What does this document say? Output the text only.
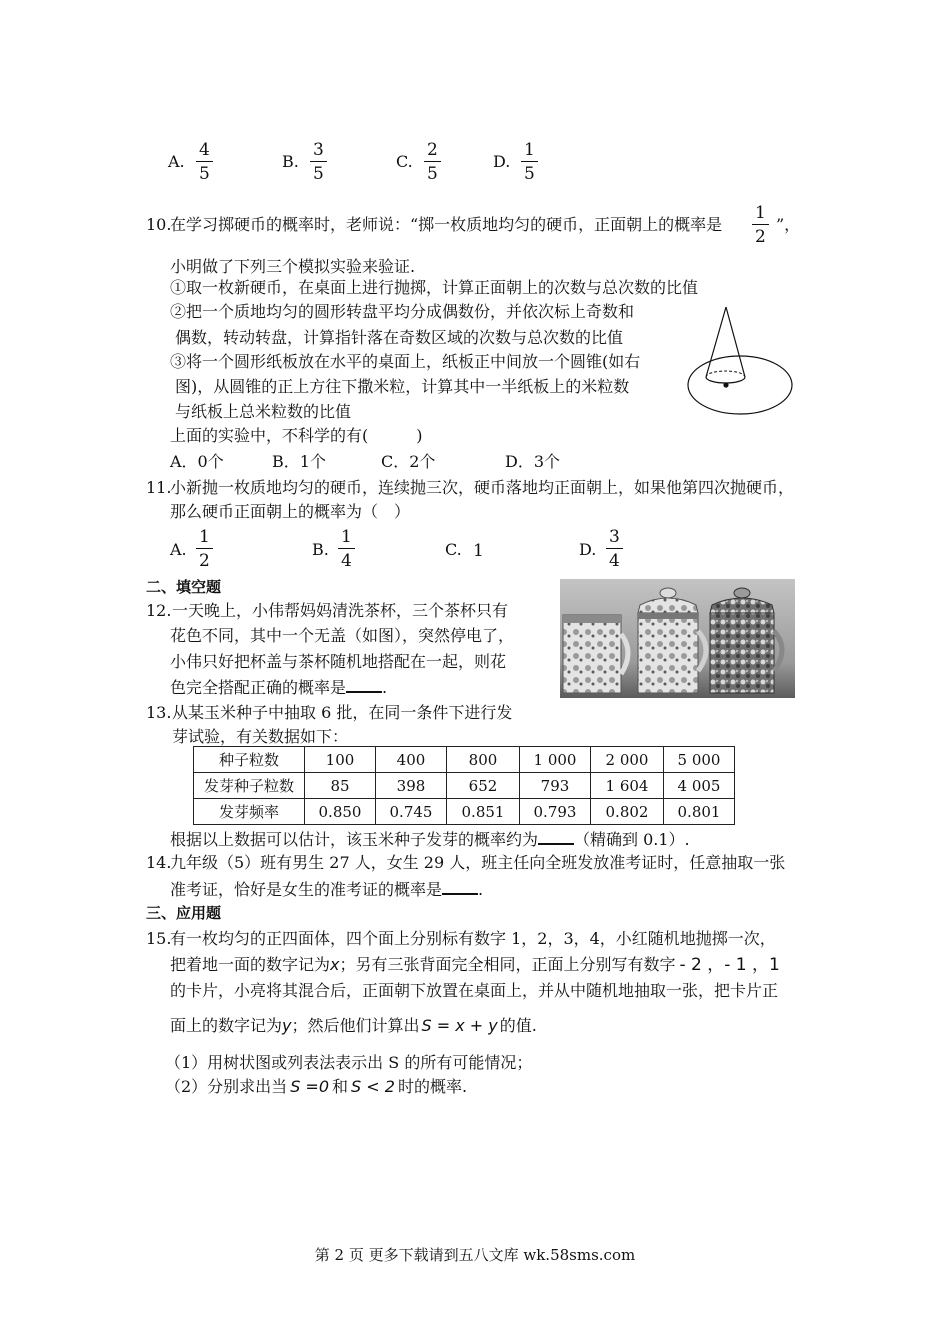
A. $\frac{4}{5}$	B. $\frac{3}{5}$	C. $\frac{2}{5}$	D. $\frac{1}{5}$
10.
在学习掷硬币的概率时，老师说：“掷一枚质地均匀的硬币，正面朝上的概率是 $\frac{1}{2}$ ”，
小明做了下列三个模拟实验来验证.
①取一枚新硬币，在桌面上进行抛掷，计算正面朝上的次数与总次数的比值
②把一个质地均匀的圆形转盘平均分成偶数份，并依次标上奇数和
偶数，转动转盘，计算指针落在奇数区域的次数与总次数的比值
③将一个圆形纸板放在水平的桌面上，纸板正中间放一个圆锥(如右
图)，从圆锥的正上方往下撒米粒，计算其中一半纸板上的米粒数
与纸板上总米粒数的比值
上面的实验中，不科学的有(　　　)
A．0个	B．1个	C．2个	D．3个
11.
小新抛一枚质地均匀的硬币，连续抛三次，硬币落地均正面朝上，如果他第四次抛硬币，
那么硬币正面朝上的概率为（　）
A. $\frac{1}{2}$	B. $\frac{1}{4}$	C. 1	D. $\frac{3}{4}$
二、填空题
12. 一天晚上，小伟帮妈妈清洗茶杯，三个茶杯只有
花色不同，其中一个无盖（如图），突然停电了，
小伟只好把杯盖与茶杯随机地搭配在一起，则花
色完全搭配正确的概率是 .
13. 从某玉米种子中抽取 6 批，在同一条件下进行发
芽试验，有关数据如下：
种子粒数	100	400	800	1 000	2 000	5 000
发芽种子粒数	85	398	652	793	1 604	4 005
发芽频率	0.850	0.745	0.851	0.793	0.802	0.801
根据以上数据可以估计，该玉米种子发芽的概率约为 （精确到 0.1）.
14.
九年级（5）班有男生 27 人，女生 29 人，班主任向全班发放准考证时，任意抽取一张
准考证，恰好是女生的准考证的概率是 .
三、应用题
15.
有一枚均匀的正四面体，四个面上分别标有数字 1，2，3，4，小红随机地抛掷一次，
把着地一面的数字记为x；另有三张背面完全相同，正面上分别写有数字 - 2 ，- 1 ，1
的卡片，小亮将其混合后，正面朝下放置在桌面上，并从中随机地抽取一张，把卡片正
面上的数字记为y；然后他们计算出 S = x + y 的值.
（1）用树状图或列表法表示出 S 的所有可能情况；
（2）分别求出当 S =0 和 S < 2 时的概率.
第 2 页 更多下载请到五八文库 wk.58sms.com
